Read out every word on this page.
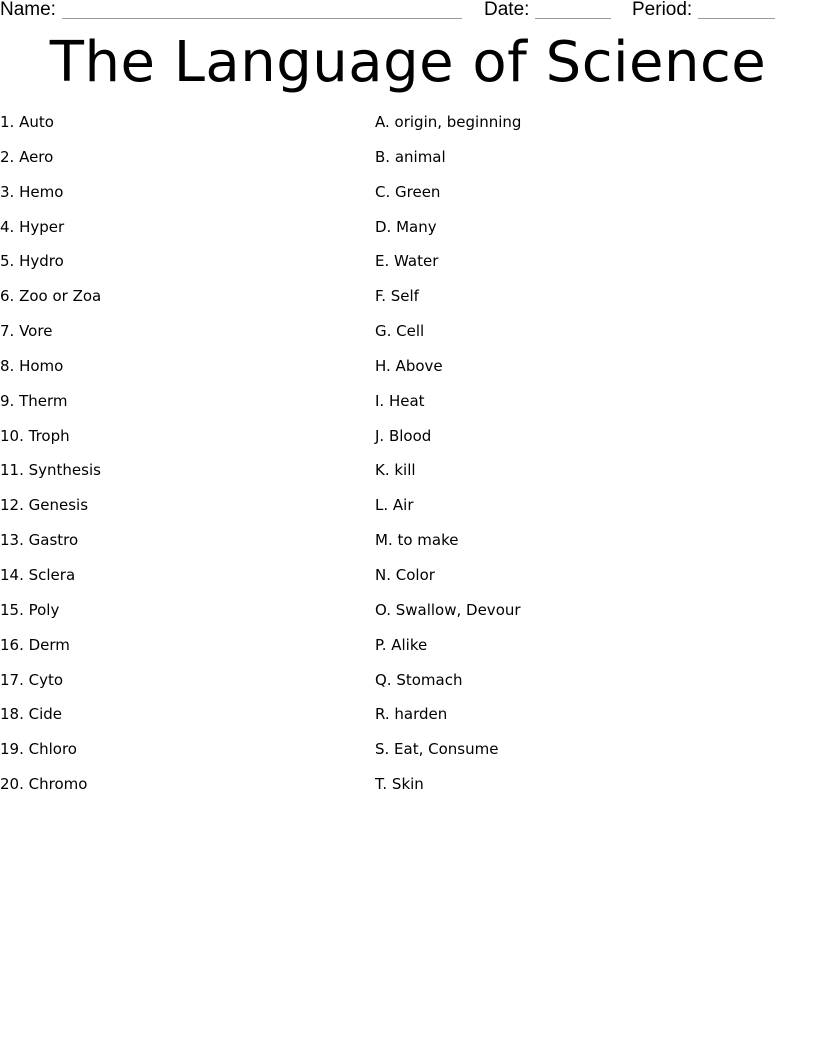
Name:	Date:	Period:
The Language of Science
1. Auto
2. Aero
3. Hemo
4. Hyper
5. Hydro
6. Zoo or Zoa
7. Vore
8. Homo
9. Therm
10. Troph
11. Synthesis
12. Genesis
13. Gastro
14. Sclera
15. Poly
16. Derm
17. Cyto
18. Cide
19. Chloro
20. Chromo
A. origin, beginning
B. animal
C. Green
D. Many
E. Water
F. Self
G. Cell
H. Above
I. Heat
J. Blood
K. kill
L. Air
M. to make
N. Color
O. Swallow, Devour
P. Alike
Q. Stomach
R. harden
S. Eat, Consume
T. Skin
